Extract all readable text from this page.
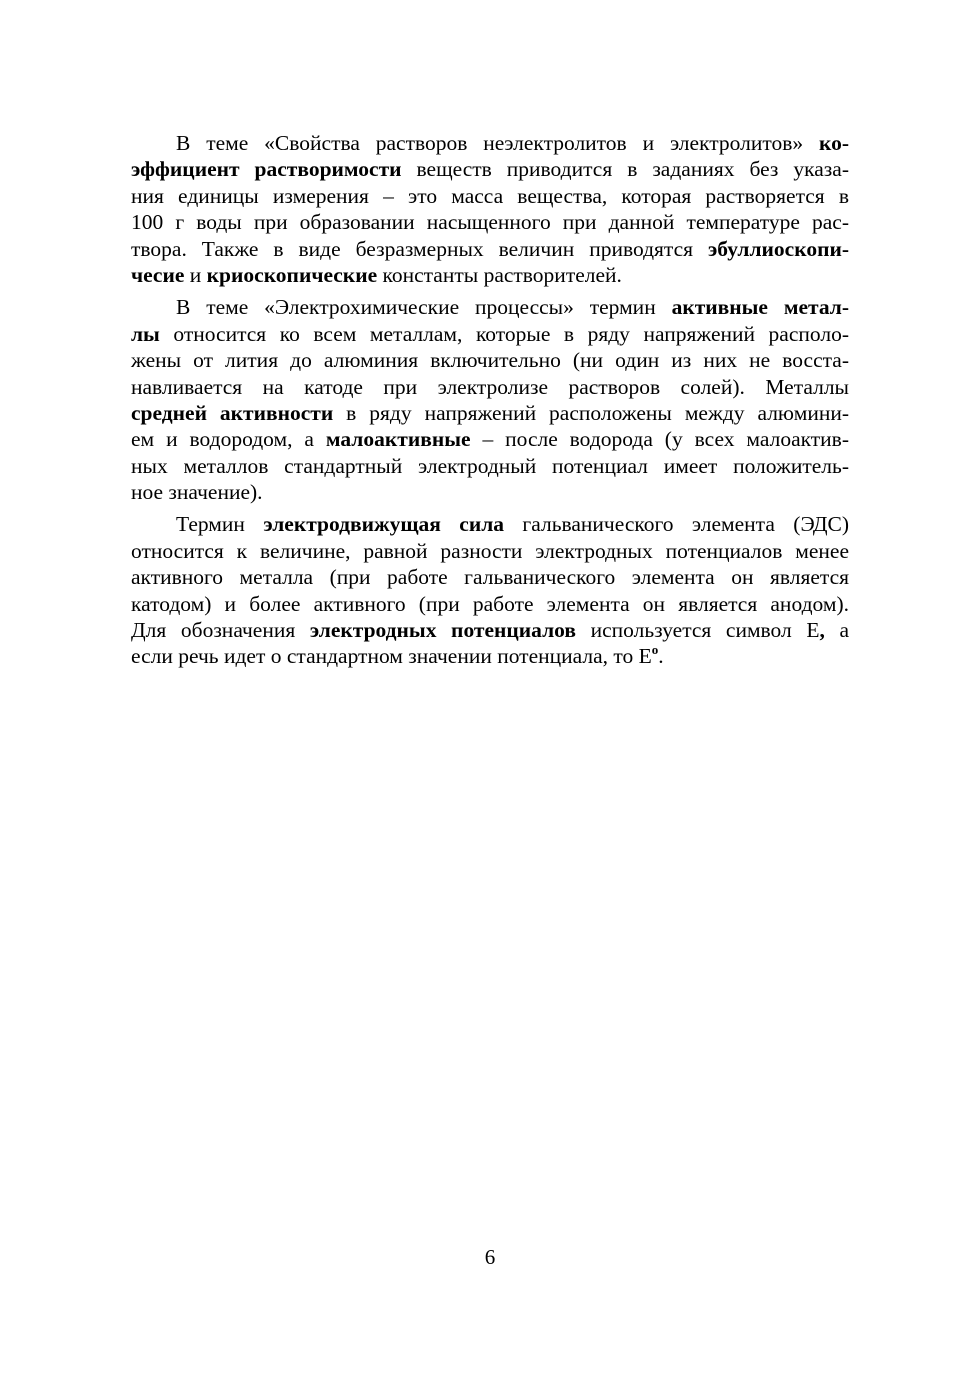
В теме «Свойства растворов неэлектролитов и электролитов» ко-
эффициент растворимости веществ приводится в заданиях без указа-
ния единицы измерения – это масса вещества, которая растворяется в
100 г воды при образовании насыщенного при данной температуре рас-
твора. Также в виде безразмерных величин приводятся эбуллиоскопи-
чесие и криоскопические константы растворителей.
В теме «Электрохимические процессы» термин активные метал-
лы относится ко всем металлам, которые в ряду напряжений располо-
жены от лития до алюминия включительно (ни один из них не восста-
навливается на катоде при электролизе растворов солей). Металлы
средней активности в ряду напряжений расположены между алюмини-
ем и водородом, а малоактивные – после водорода (у всех малоактив-
ных металлов стандартный электродный потенциал имеет положитель-
ное значение).
Термин электродвижущая сила гальванического элемента (ЭДС)
относится к величине, равной разности электродных потенциалов менее
активного металла (при работе гальванического элемента он является
катодом) и более активного (при работе элемента он является анодом).
Для обозначения электродных потенциалов используется символ E, а
если речь идет о стандартном значении потенциала, то $E^o$.
6
